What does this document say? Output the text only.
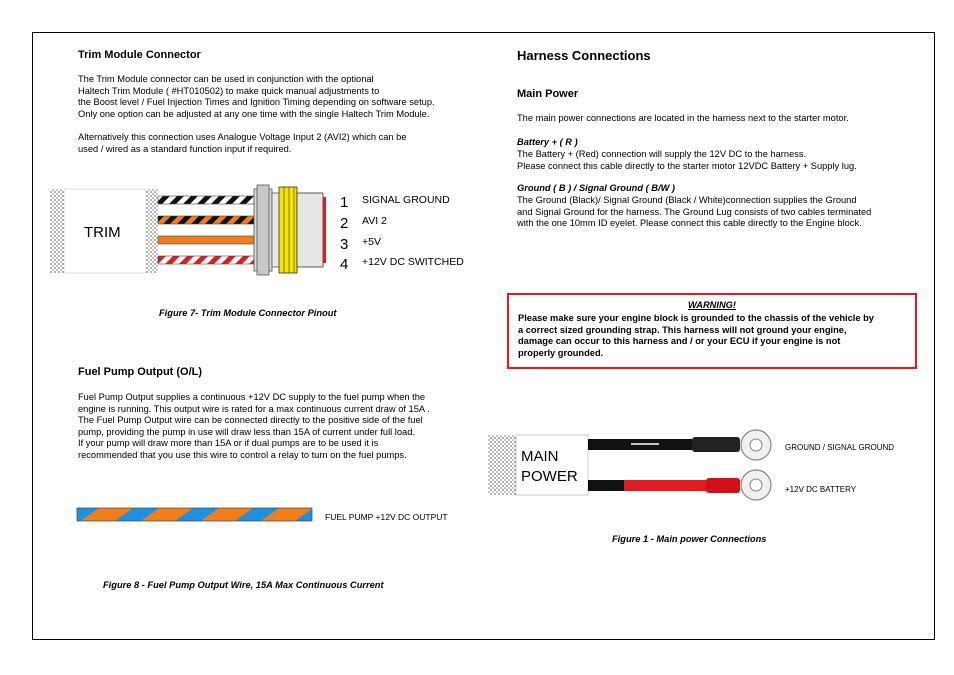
Trim Module Connector
The Trim Module connector can be used in conjunction with the optional
Haltech Trim Module ( #HT010502) to make quick manual adjustments to
the Boost level / Fuel Injection Times and Ignition Timing depending on software setup.
Only one option can be adjusted at any one time with the single Haltech Trim Module.
Alternatively this connection uses Analogue Voltage Input 2 (AVI2) which can be
used / wired as a standard function input if required.
TRIM
1 SIGNAL GROUND
2 AVI 2
3 +5V
4 +12V DC SWITCHED
Figure 7- Trim Module Connector Pinout
Fuel Pump Output (O/L)
Fuel Pump Output supplies a continuous +12V DC supply to the fuel pump when the
engine is running. This output wire is rated for a max continuous current draw of 15A .
The Fuel Pump Output wire can be connected directly to the positive side of the fuel
pump, providing the pump in use will draw less than 15A of current under full load.
If your pump will draw more than 15A or if dual pumps are to be used it is
recommended that you use this wire to control a relay to turn on the fuel pumps.
FUEL PUMP +12V DC OUTPUT
Figure 8 - Fuel Pump Output Wire, 15A Max Continuous Current
Harness Connections
Main Power
The main power connections are located in the harness next to the starter motor.
Battery + ( R )
The Battery + (Red) connection will supply the 12V DC to the harness.
Please connect this cable directly to the starter motor 12VDC Battery + Supply lug.
Ground ( B ) / Signal Ground ( B/W )
The Ground (Black)/ Signal Ground (Black / White)connection supplies the Ground
and Signal Ground for the harness. The Ground Lug consists of two cables terminated
with the one 10mm ID eyelet. Please connect this cable directly to the Engine block.
WARNING!
Please make sure your engine block is grounded to the chassis of the vehicle by
a correct sized grounding strap. This harness will not ground your engine,
damage can occur to this harness and / or your ECU if your engine is not
properly grounded.
MAIN
POWER
GROUND / SIGNAL GROUND
+12V DC BATTERY
Figure 1 - Main power Connections
